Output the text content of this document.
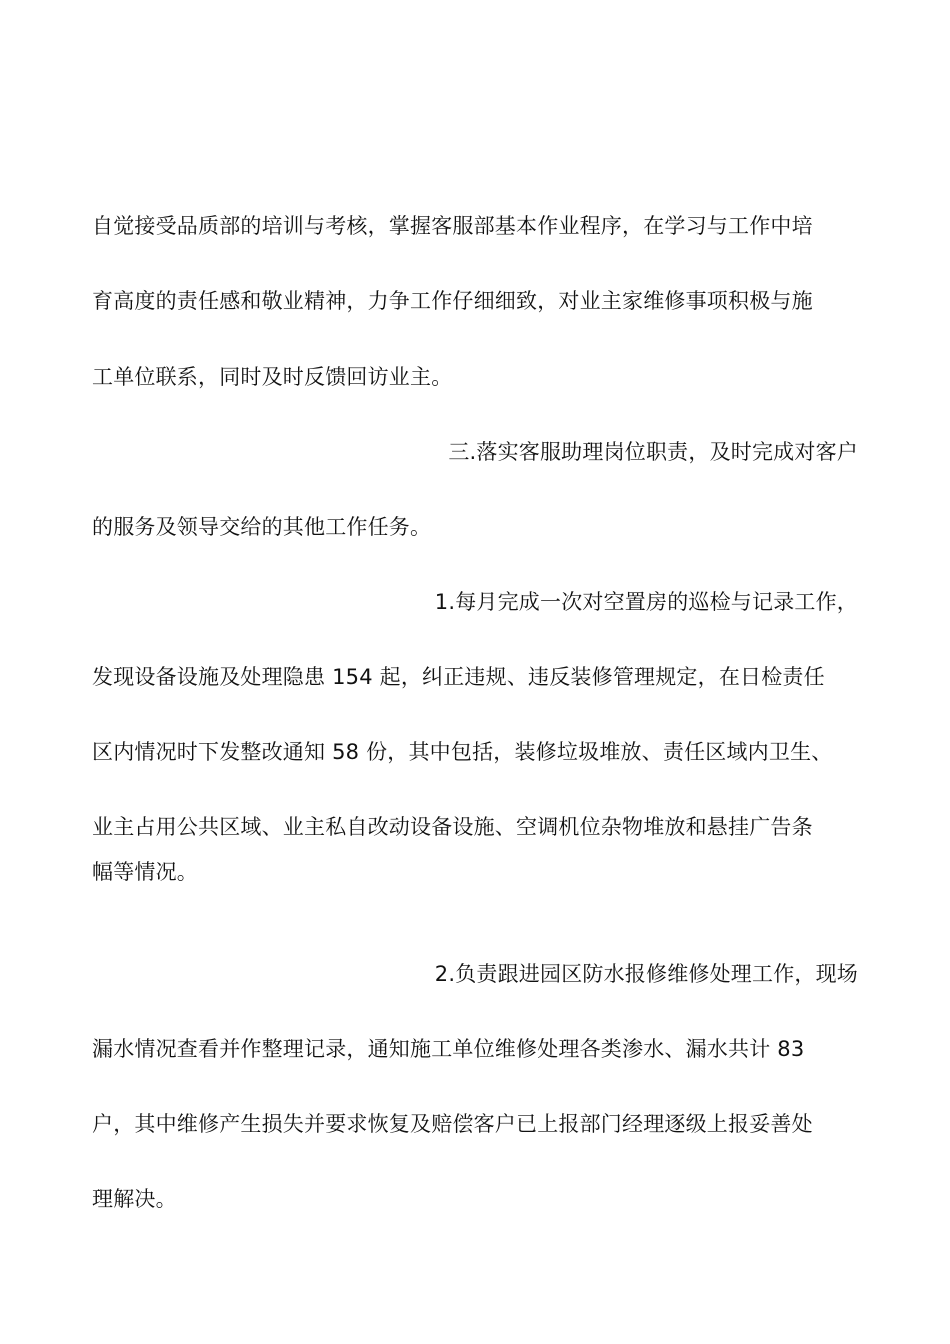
自觉接受品质部的培训与考核，掌握客服部基本作业程序，在学习与工作中培
育高度的责任感和敬业精神，力争工作仔细细致，对业主家维修事项积极与施
工单位联系，同时及时反馈回访业主。
三.落实客服助理岗位职责，及时完成对客户
的服务及领导交给的其他工作任务。
1.每月完成一次对空置房的巡检与记录工作，
发现设备设施及处理隐患 154 起，纠正违规、违反装修管理规定，在日检责任
区内情况时下发整改通知 58 份，其中包括，装修垃圾堆放、责任区域内卫生、
业主占用公共区域、业主私自改动设备设施、空调机位杂物堆放和悬挂广告条
幅等情况。
2.负责跟进园区防水报修维修处理工作，现场
漏水情况查看并作整理记录，通知施工单位维修处理各类渗水、漏水共计 83
户，其中维修产生损失并要求恢复及赔偿客户已上报部门经理逐级上报妥善处
理解决。
